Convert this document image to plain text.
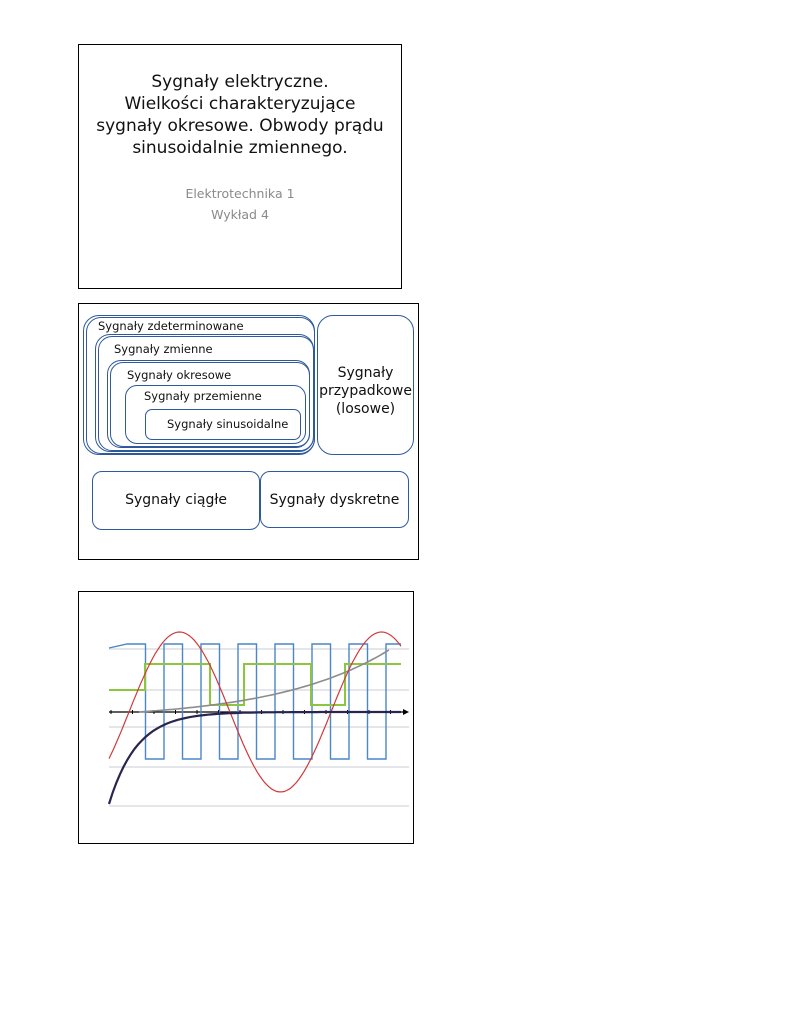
Sygnały elektryczne.
Wielkości charakteryzujące
sygnały okresowe. Obwody prądu
sinusoidalnie zmiennego.
Elektrotechnika 1
Wykład 4
Sygnały zdeterminowane
Sygnały zmienne
Sygnały okresowe
Sygnały przemienne
Sygnały sinusoidalne
Sygnały
przypadkowe
(losowe)
Sygnały ciągłe	Sygnały dyskretne
